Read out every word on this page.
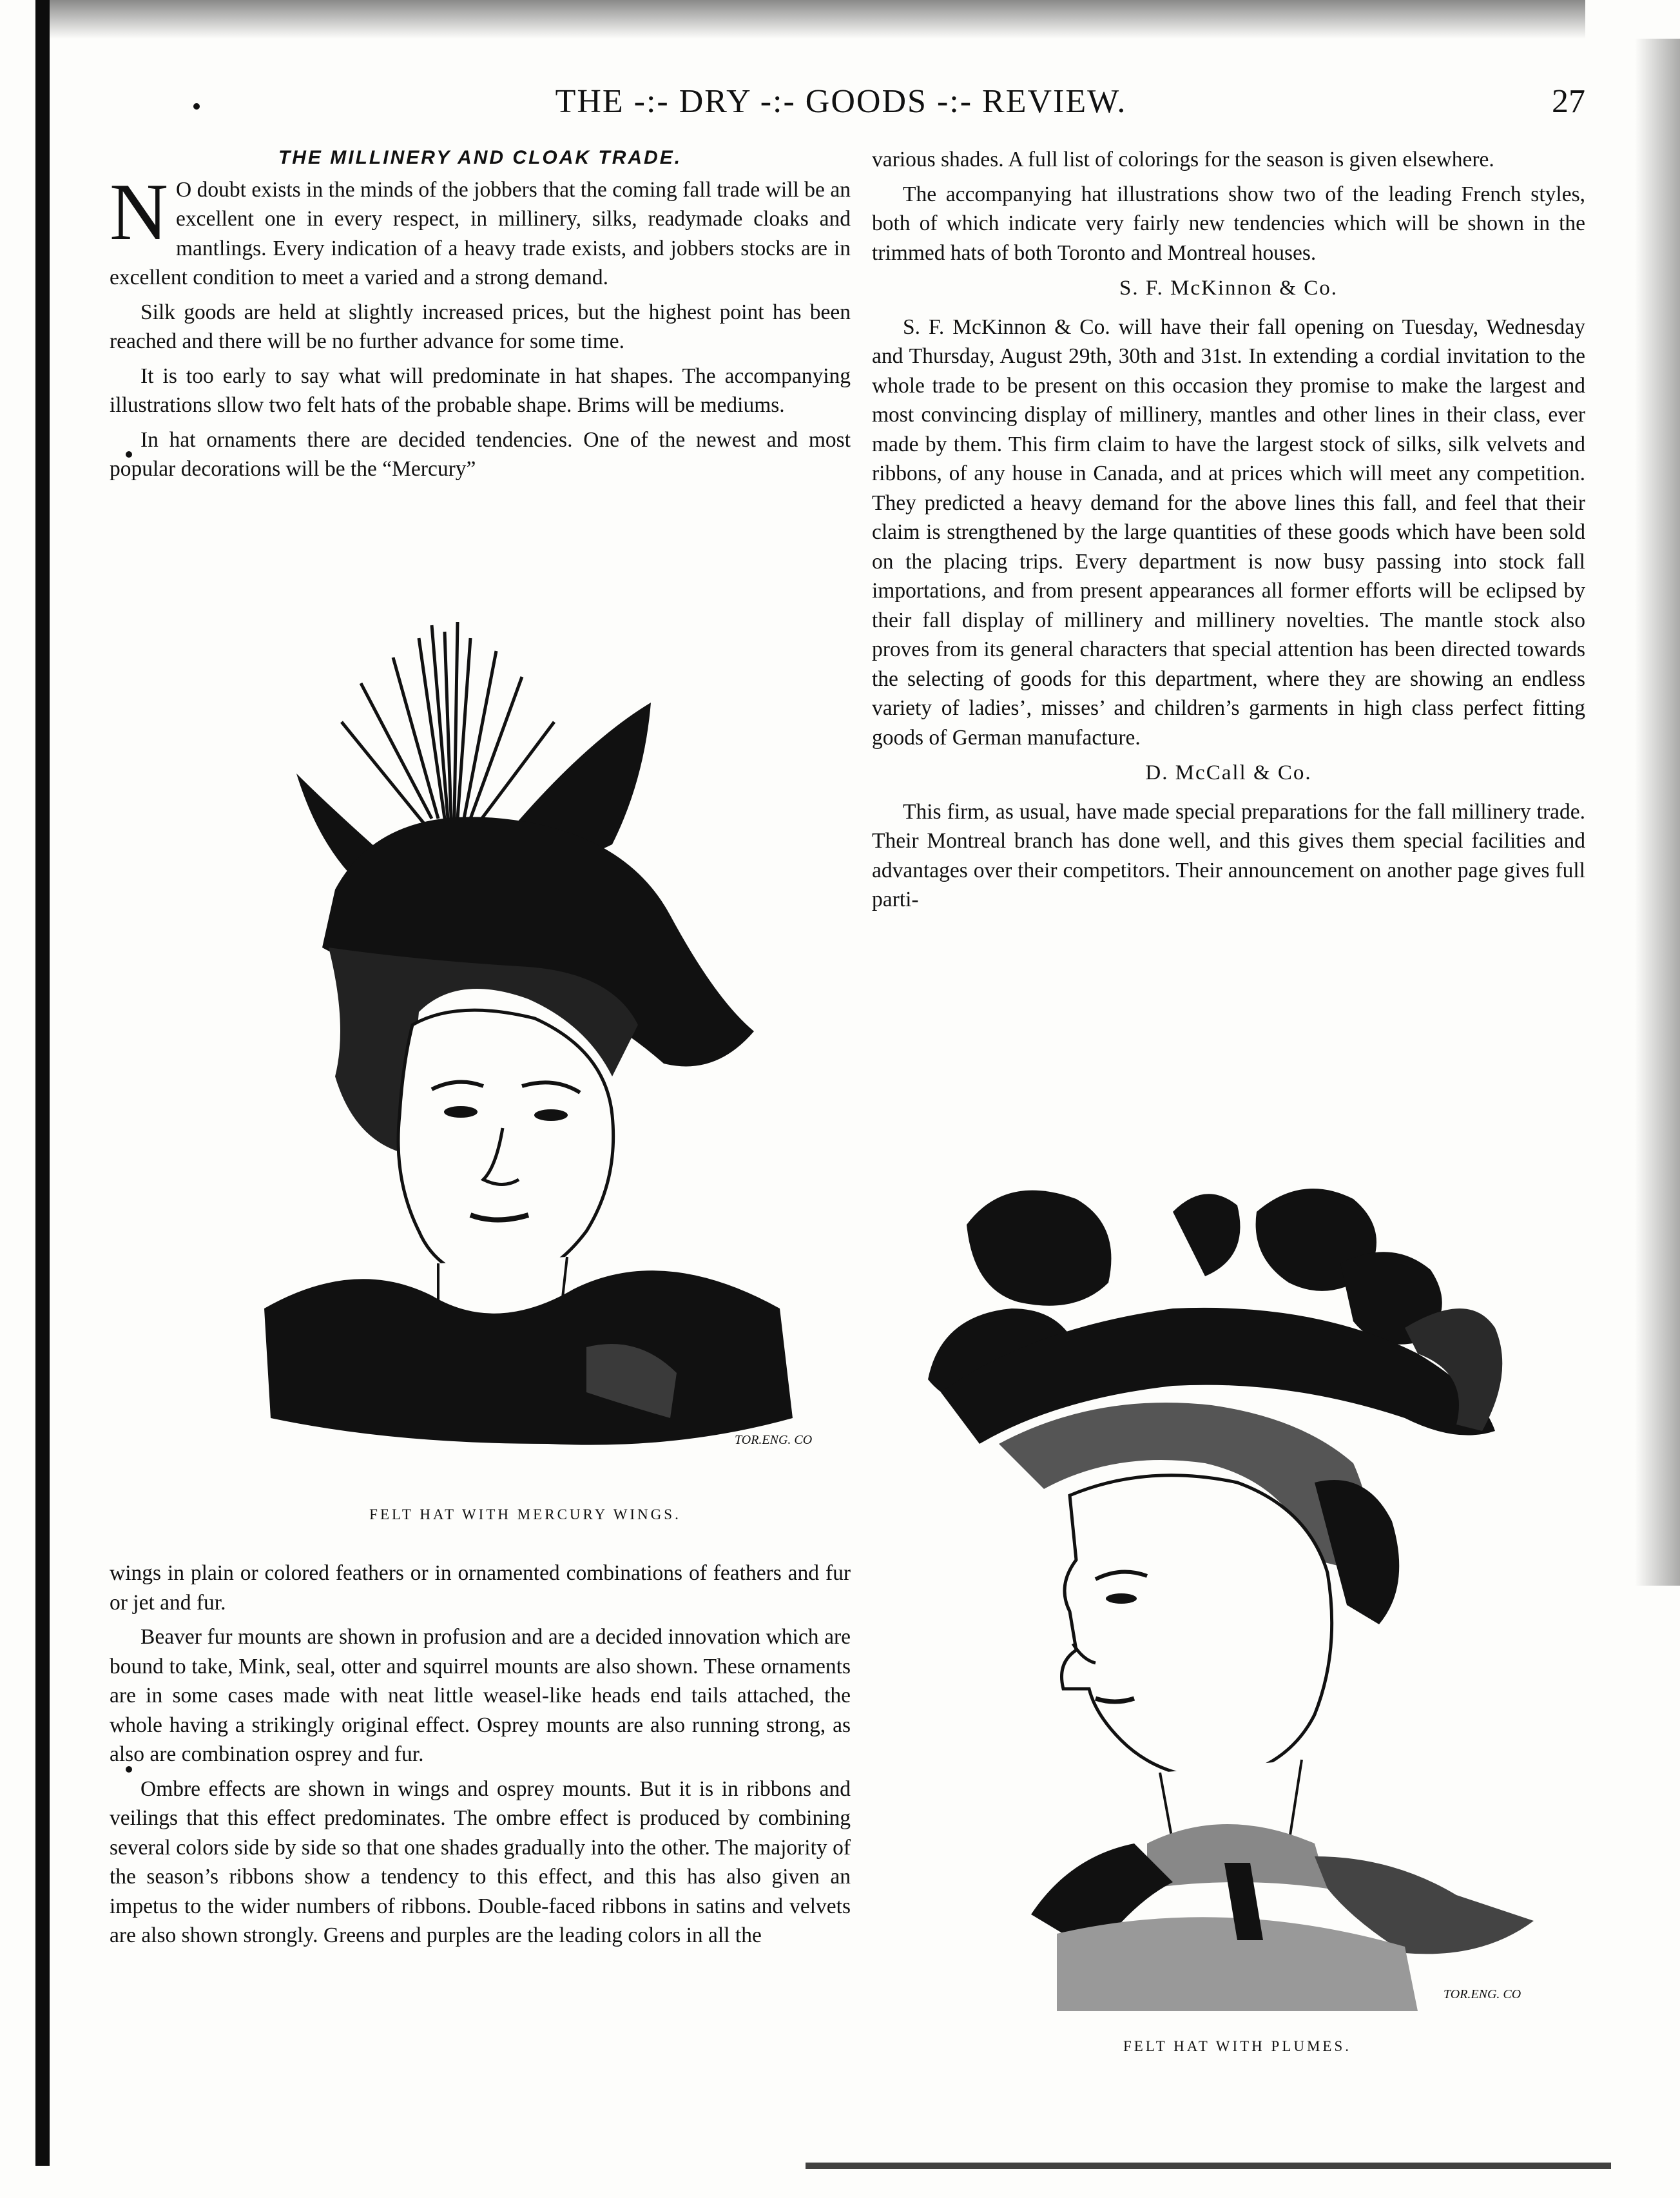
THE -:- DRY -:- GOODS -:- REVIEW.	27
THE MILLINERY AND CLOAK TRADE.

N O doubt exists in the minds of the jobbers that the coming fall trade will be an excellent one in every respect, in millinery, silks, readymade cloaks and mantlings. Every indication of a heavy trade exists, and jobbers stocks are in excellent condition to meet a varied and a strong demand.

Silk goods are held at slightly increased prices, but the highest point has been reached and there will be no further advance for some time.

It is too early to say what will predominate in hat shapes. The accompanying illustrations sllow two felt hats of the probable shape. Brims will be mediums.

In hat ornaments there are decided tendencies. One of the newest and most popular decorations will be the “Mercury”

TOR.ENG. CO
FELT HAT WITH MERCURY WINGS.

wings in plain or colored feathers or in ornamented combinations of feathers and fur or jet and fur.

Beaver fur mounts are shown in profusion and are a decided innovation which are bound to take, Mink, seal, otter and squirrel mounts are also shown. These ornaments are in some cases made with neat little weasel-like heads end tails attached, the whole having a strikingly original effect. Osprey mounts are also running strong, as also are combination osprey and fur.

Ombre effects are shown in wings and osprey mounts. But it is in ribbons and veilings that this effect predominates. The ombre effect is produced by combining several colors side by side so that one shades gradually into the other. The majority of the season’s ribbons show a tendency to this effect, and this has also given an impetus to the wider numbers of ribbons. Double-faced ribbons in satins and velvets are also shown strongly. Greens and purples are the leading colors in all the

various shades. A full list of colorings for the season is given elsewhere.

The accompanying hat illustrations show two of the leading French styles, both of which indicate very fairly new tendencies which will be shown in the trimmed hats of both Toronto and Montreal houses.

S. F. McKinnon & Co.

S. F. McKinnon & Co. will have their fall opening on Tuesday, Wednesday and Thursday, August 29th, 30th and 31st. In extending a cordial invitation to the whole trade to be present on this occasion they promise to make the largest and most convincing display of millinery, mantles and other lines in their class, ever made by them. This firm claim to have the largest stock of silks, silk velvets and ribbons, of any house in Canada, and at prices which will meet any competition. They predicted a heavy demand for the above lines this fall, and feel that their claim is strengthened by the large quantities of these goods which have been sold on the placing trips. Every department is now busy passing into stock fall importations, and from present appearances all former efforts will be eclipsed by their fall display of millinery and millinery novelties. The mantle stock also proves from its general characters that special attention has been directed towards the selecting of goods for this department, where they are showing an endless variety of ladies’, misses’ and children’s garments in high class perfect fitting goods of German manufacture.

D. McCall & Co.

This firm, as usual, have made special preparations for the fall millinery trade. Their Montreal branch has done well, and this gives them special facilities and advantages over their competitors. Their announcement on another page gives full parti-

TOR.ENG. CO
FELT HAT WITH PLUMES.
